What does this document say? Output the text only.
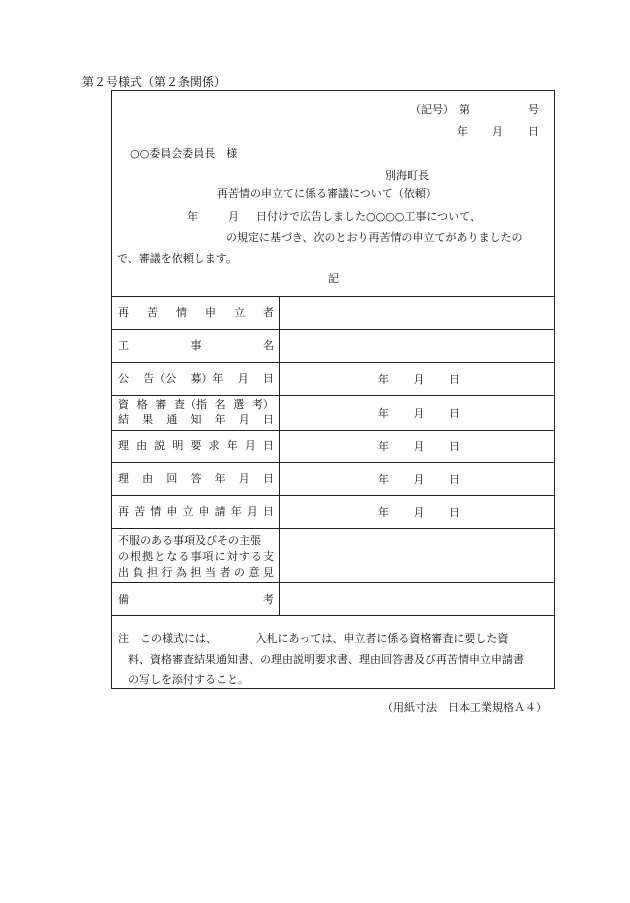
第２号様式（第２条関係）
（記号） 第	号
年 月 日
○○委員会委員長　様
別海町長
再苦情の申立てに係る審議について（依頼）
年	月 日付けで広告しました○○○○工事について、
の規定に基づき、次のとおり再苦情の申立てがありましたの
で、審議を依頼します。
記
再 苦 情 申 立 者
工	事	名
公 告（公 募）年 月 日	年 月 日
資 格 審 査（指 名 選 考）
結 果 通 知 年 月 日	年 月 日
理 由 説 明 要 求 年 月 日	年 月 日
理 由 回 答 年 月 日	年 月 日
再 苦 情 申 立 申 請 年 月 日	年 月 日
不服のある事項及びその主張
の 根 拠 と な る 事 項 に 対 す る 支
出 負 担 行 為 担 当 者 の 意 見
備	考
注　この様式には、　　　　入札にあっては、申立者に係る資格審査に要した資
料、資格審査結果通知書、の理由説明要求書、理由回答書及び再苦情申立申請書
の写しを添付すること。
（用紙寸法　日本工業規格Ａ４）
